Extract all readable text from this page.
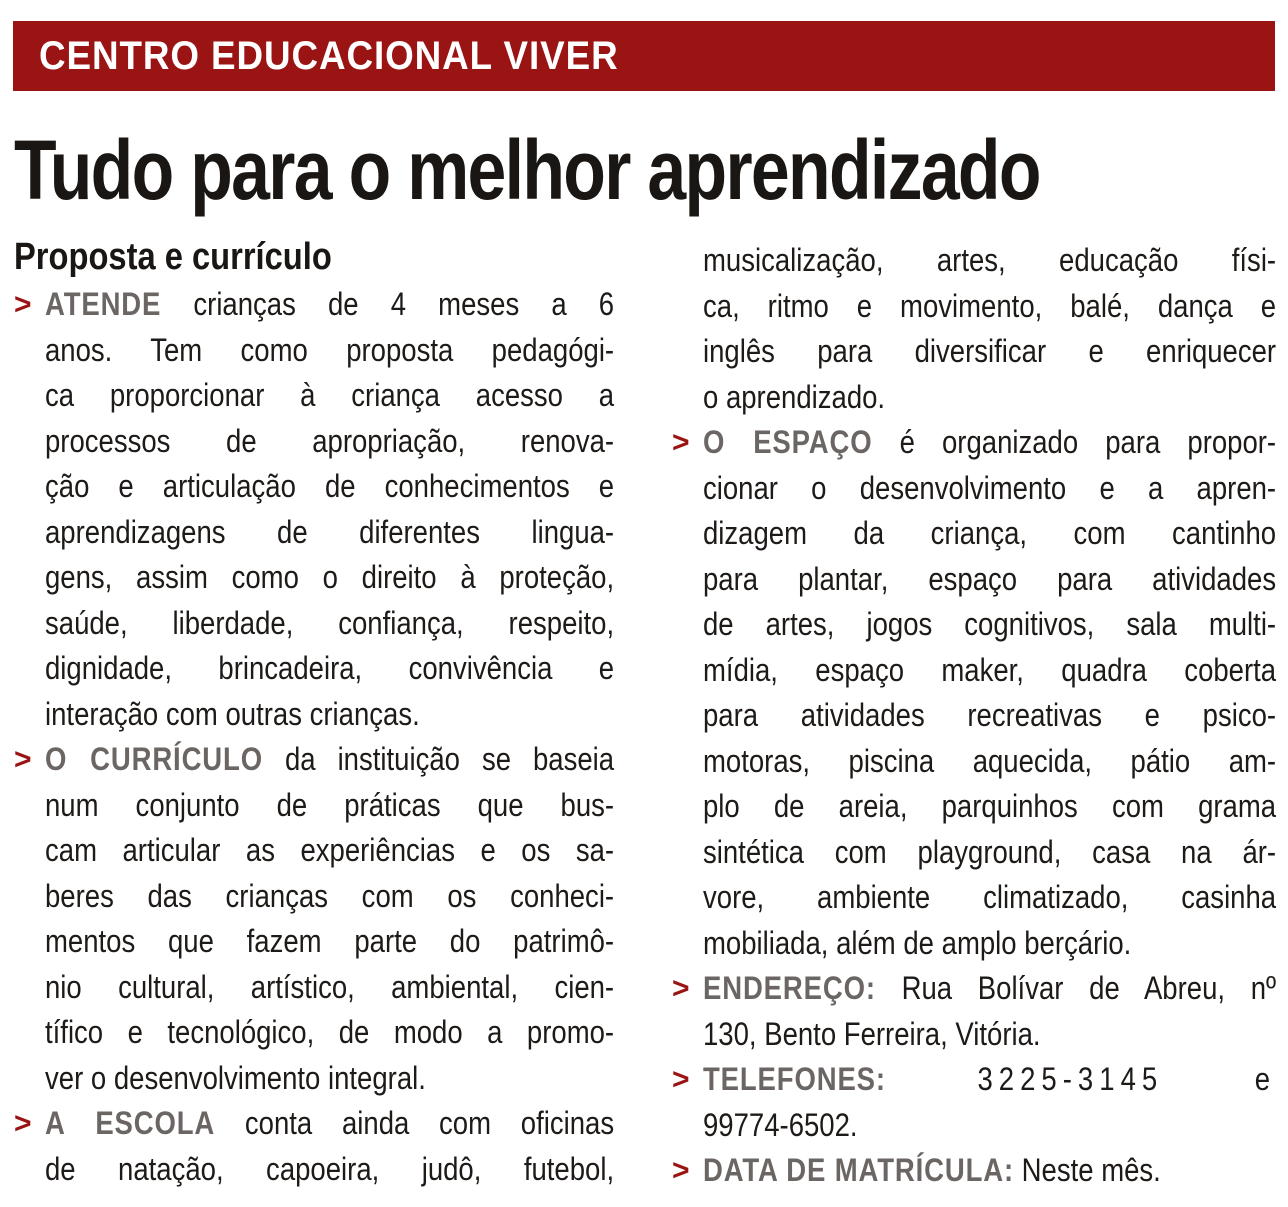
CENTRO EDUCACIONAL VIVER
Tudo para o melhor aprendizado
Proposta e currículo
> ATENDE crianças de 4 meses a 6
anos. Tem como proposta pedagógi-
ca proporcionar à criança acesso a
processos de apropriação, renova-
ção e articulação de conhecimentos e
aprendizagens de diferentes lingua-
gens, assim como o direito à proteção,
saúde, liberdade, confiança, respeito,
dignidade, brincadeira, convivência e
interação com outras crianças.
> O CURRÍCULO da instituição se baseia
num conjunto de práticas que bus-
cam articular as experiências e os sa-
beres das crianças com os conheci-
mentos que fazem parte do patrimô-
nio cultural, artístico, ambiental, cien-
tífico e tecnológico, de modo a promo-
ver o desenvolvimento integral.
> A ESCOLA conta ainda com oficinas
de natação, capoeira, judô, futebol,
musicalização, artes, educação físi-
ca, ritmo e movimento, balé, dança e
inglês para diversificar e enriquecer
o aprendizado.
> O ESPAÇO é organizado para propor-
cionar o desenvolvimento e a apren-
dizagem da criança, com cantinho
para plantar, espaço para atividades
de artes, jogos cognitivos, sala multi-
mídia, espaço maker, quadra coberta
para atividades recreativas e psico-
motoras, piscina aquecida, pátio am-
plo de areia, parquinhos com grama
sintética com playground, casa na ár-
vore, ambiente climatizado, casinha
mobiliada, além de amplo berçário.
> ENDEREÇO: Rua Bolívar de Abreu, nº
130, Bento Ferreira, Vitória.
> TELEFONES: 3225-3145 e
99774-6502.
> DATA DE MATRÍCULA: Neste mês.
